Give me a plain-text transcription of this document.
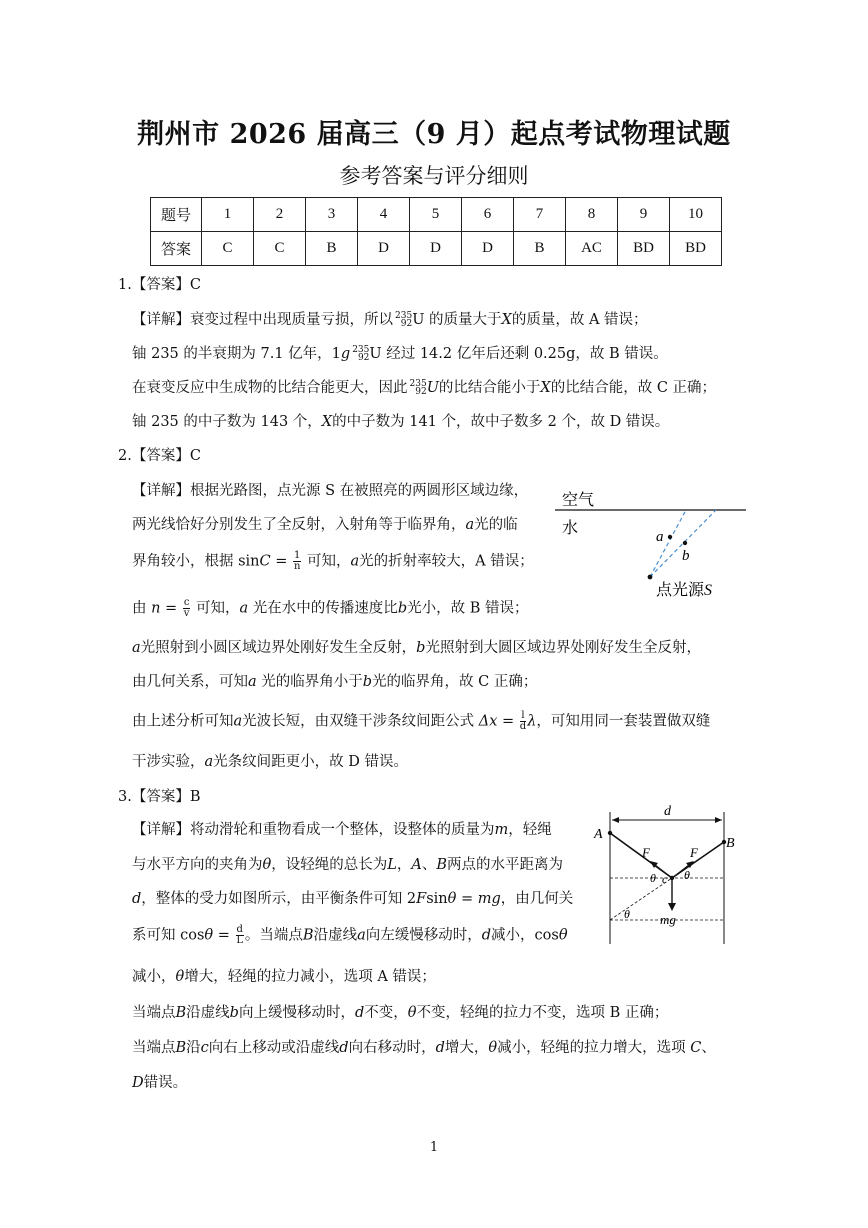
荆州市 2026 届高三（9 月）起点考试物理试题
参考答案与评分细则
题号	1	2	3	4	5	6	7	8	9	10
答案	C	C	B	D	D	D	B	AC	BD	BD
1.【答案】C
【详解】衰变过程中出现质量亏损，所以 235
92 U 的质量大于X的质量，故 A 错误；
铀 235 的半衰期为 7.1 亿年，1g 235
92 U 经过 14.2 亿年后还剩 0.25g，故 B 错误。
在衰变反应中生成物的比结合能更大，因此 235
92 U的比结合能小于X的比结合能，故 C 正确；
铀 235 的中子数为 143 个，X的中子数为 141 个，故中子数多 2 个，故 D 错误。
2.【答案】C
【详解】根据光路图，点光源 S 在被照亮的两圆形区域边缘，
两光线恰好分别发生了全反射，入射角等于临界角，a光的临
界角较小，根据 $\sin C = \frac{1}{n}$ 可知，a光的折射率较大，A 错误；
由 $n = \frac{c}{v}$ 可知，a 光在水中的传播速度比b光小，故 B 错误；
a光照射到小圆区域边界处刚好发生全反射，b光照射到大圆区域边界处刚好发生全反射，
由几何关系，可知a 光的临界角小于b光的临界角，故 C 正确；
由上述分析可知a光波长短，由双缝干涉条纹间距公式 $\Delta x = \frac{l}{d}$ λ，可知用同一套装置做双缝
干涉实验，a光条纹间距更小，故 D 错误。
空气
水	a
b
点光源S
3.【答案】B
【详解】将动滑轮和重物看成一个整体，设整体的质量为m，轻绳
与水平方向的夹角为θ，设轻绳的总长为L，A、B两点的水平距离为
d，整体的受力如图所示，由平衡条件可知 2Fsinθ = mg，由几何关
系可知 $\cos\theta = \frac{d}{L}$ 。当端点B沿虚线a向左缓慢移动时，d减小，cosθ
减小，θ增大，轻绳的拉力减小，选项 A 错误；
当端点B沿虚线b向上缓慢移动时，d不变，θ不变，轻绳的拉力不变，选项 B 正确；
当端点B沿c向右上移动或沿虚线d向右移动时，d增大，θ减小，轻绳的拉力增大，选项 C、
D错误。
d
A
B
F	F
θ c θ
θ mg
1
